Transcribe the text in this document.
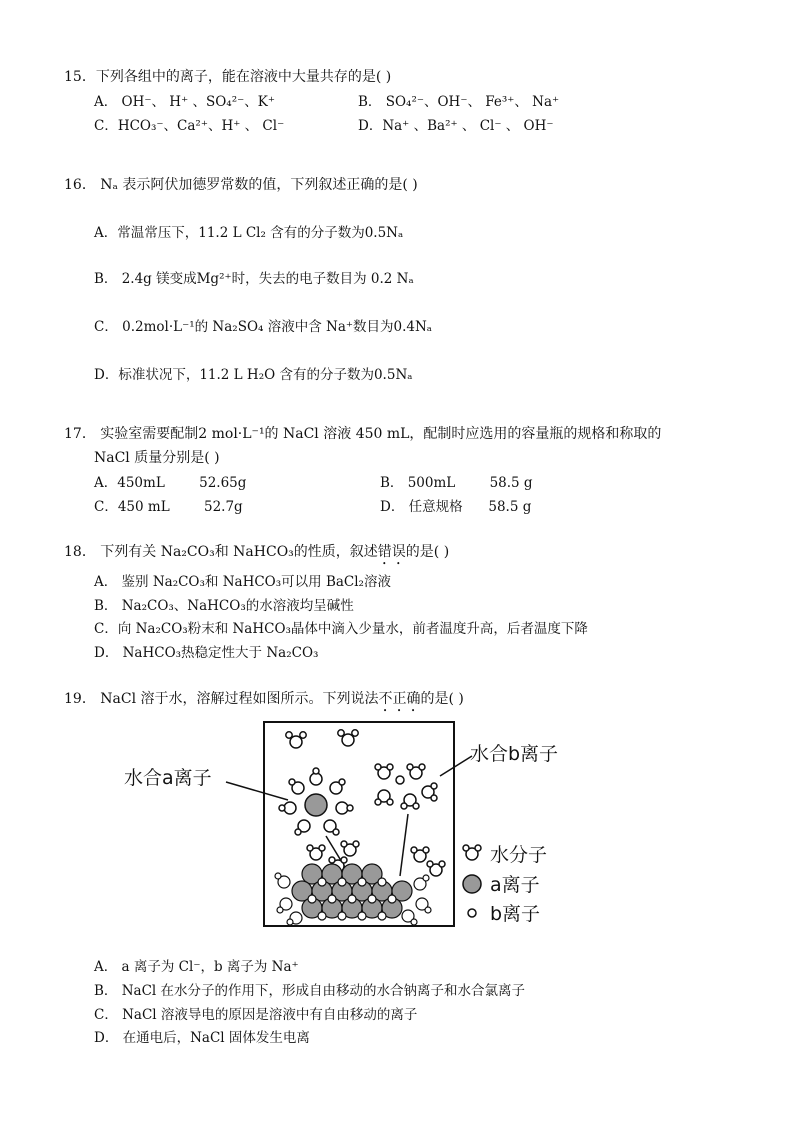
15．下列各组中的离子，能在溶液中大量共存的是( )
A． OH⁻、 H⁺ 、SO₄²⁻、K⁺	B． SO₄²⁻、OH⁻、 Fe³⁺、 Na⁺
C．HCO₃⁻、Ca²⁺、H⁺ 、 Cl⁻	D．Na⁺ 、Ba²⁺ 、 Cl⁻ 、 OH⁻
16． Nₐ 表示阿伏加德罗常数的值，下列叙述正确的是( )
A．常温常压下，11.2 L Cl₂ 含有的分子数为0.5Nₐ
B． 2.4g 镁变成Mg²⁺时，失去的电子数目为 0.2 Nₐ
C． 0.2mol·L⁻¹的 Na₂SO₄ 溶液中含 Na⁺数目为0.4Nₐ
D．标准状况下，11.2 L H₂O 含有的分子数为0.5Nₐ
17． 实验室需要配制2 mol·L⁻¹的 NaCl 溶液 450 mL，配制时应选用的容量瓶的规格和称取的
NaCl 质量分别是( )
A．450mL        52.65g	B． 500mL        58.5 g
C．450 mL        52.7g	D． 任意规格      58.5 g
18． 下列有关 Na₂CO₃和 NaHCO₃的性质，叙述错误的是( )
A． 鉴别 Na₂CO₃和 NaHCO₃可以用 BaCl₂溶液
B． Na₂CO₃、NaHCO₃的水溶液均呈碱性
C．向 Na₂CO₃粉末和 NaHCO₃晶体中滴入少量水，前者温度升高，后者温度下降
D． NaHCO₃热稳定性大于 Na₂CO₃
19． NaCl 溶于水，溶解过程如图所示。下列说法不正确的是( )
水合a离子
水合b离子
水分子
a离子
b离子
A． a 离子为 Cl⁻，b 离子为 Na⁺
B． NaCl 在水分子的作用下，形成自由移动的水合钠离子和水合氯离子
C． NaCl 溶液导电的原因是溶液中有自由移动的离子
D． 在通电后，NaCl 固体发生电离
